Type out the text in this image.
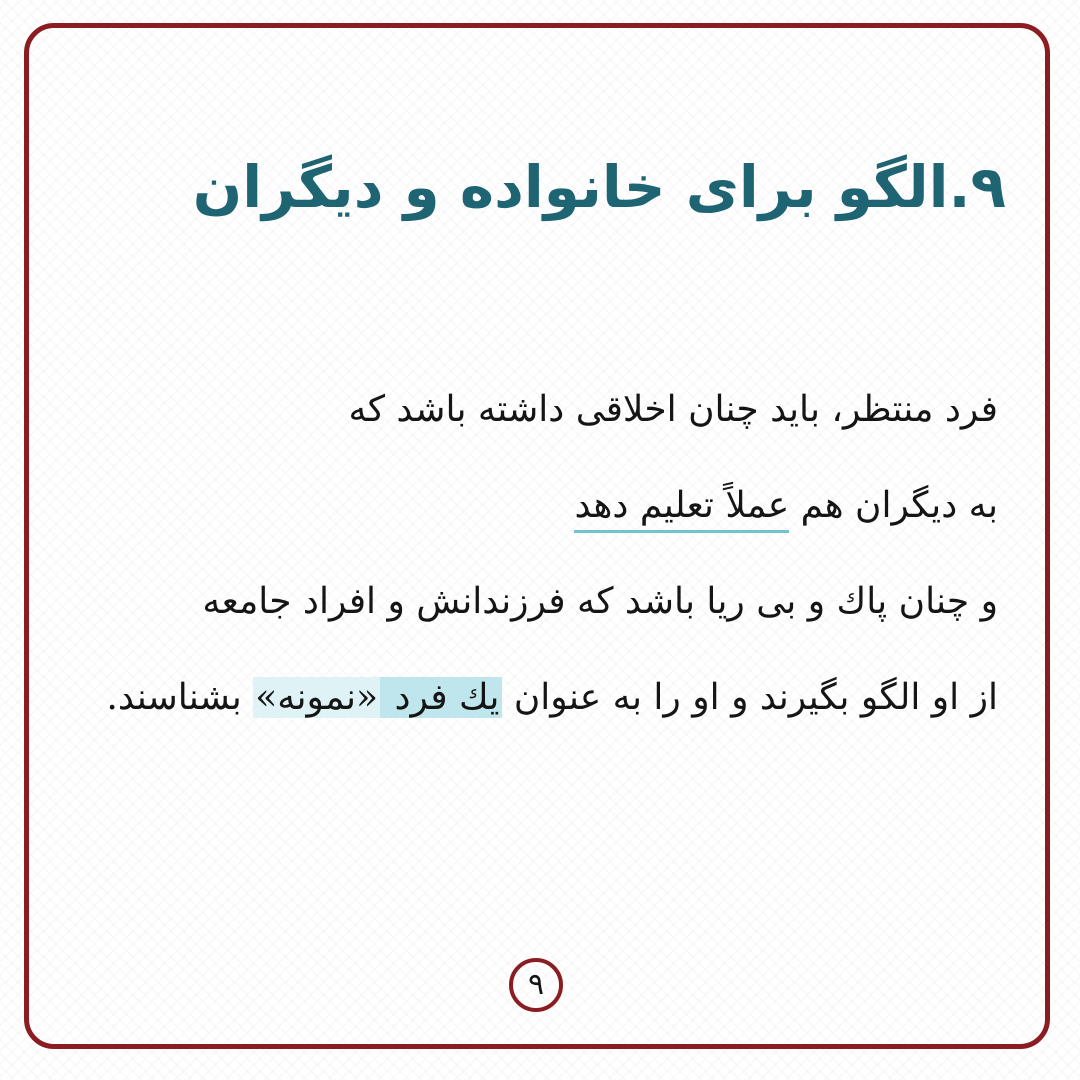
۹.الگو برای خانواده و دیگران
فرد منتظر، باید چنان اخلاقی داشته باشد که
به دیگران هم عملاً تعلیم دهد
و چنان پاك و بی ریا باشد که فرزندانش و افراد جامعه
از او الگو بگیرند و او را به عنوان یك فرد «نمونه» بشناسند.
۹
